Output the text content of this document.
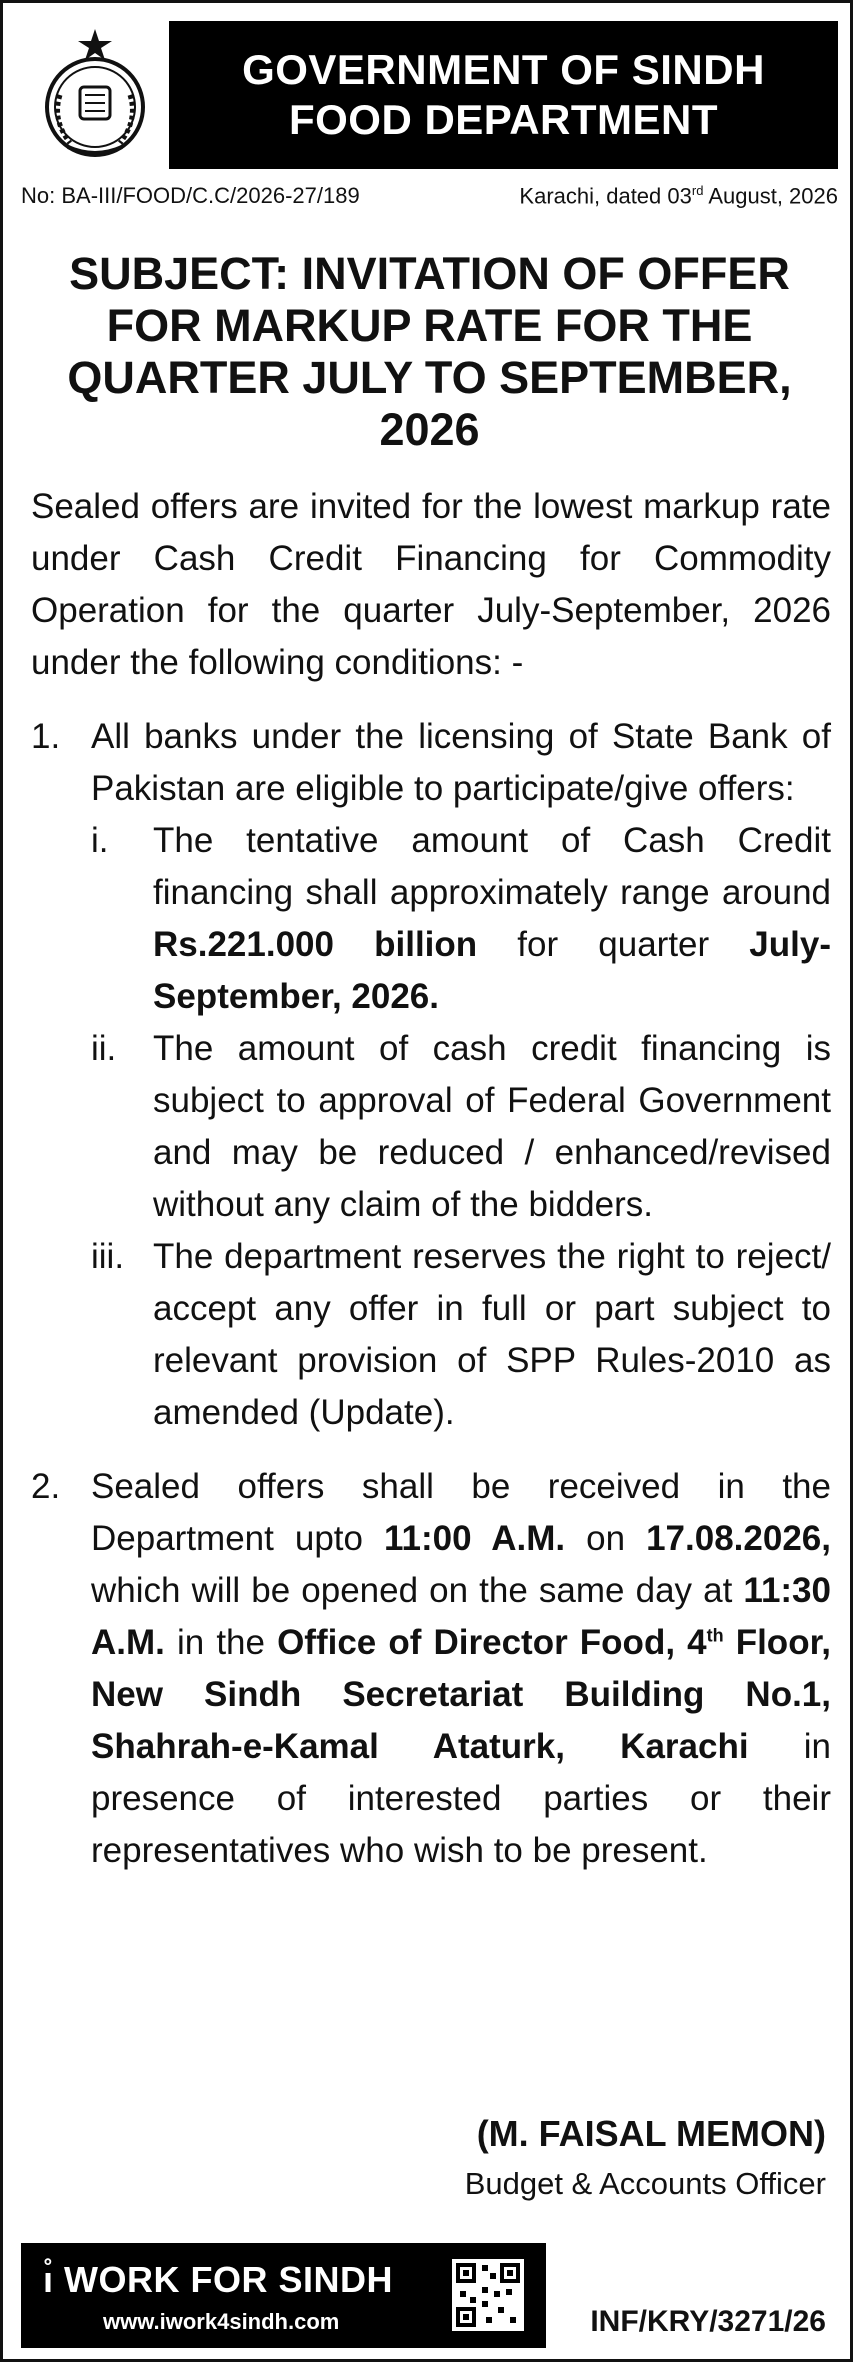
GOVERNMENT OF SINDH
FOOD DEPARTMENT
No: BA-III/FOOD/C.C/2026-27/189	Karachi, dated 03rd August, 2026
SUBJECT: INVITATION OF OFFER FOR MARKUP RATE FOR THE QUARTER JULY TO SEPTEMBER, 2026

Sealed offers are invited for the lowest markup rate under Cash Credit Financing for Commodity Operation for the quarter July-September, 2026 under the following conditions: -

1. All banks under the licensing of State Bank of Pakistan are eligible to participate/give offers:
i.	The tentative amount of Cash Credit financing shall approximately range around Rs.221.000 billion for quarter July-September, 2026.
ii.	The amount of cash credit financing is subject to approval of Federal Government and may be reduced / enhanced/revised without any claim of the bidders.
iii. The department reserves the right to reject/ accept any offer in full or part subject to relevant provision of SPP Rules-2010 as amended (Update).
2. Sealed offers shall be received in the Department upto 11:00 A.M. on 17.08.2026, which will be opened on the same day at 11:30 A.M. in the Office of Director Food, 4th Floor, New Sindh Secretariat Building No.1, Shahrah-e-Kamal Ataturk, Karachi in presence of interested parties or their representatives who wish to be present.
(M. FAISAL MEMON)
Budget & Accounts Officer
ı̊ WORK FOR SINDH
www.iwork4sindh.com	INF/KRY/3271/26
